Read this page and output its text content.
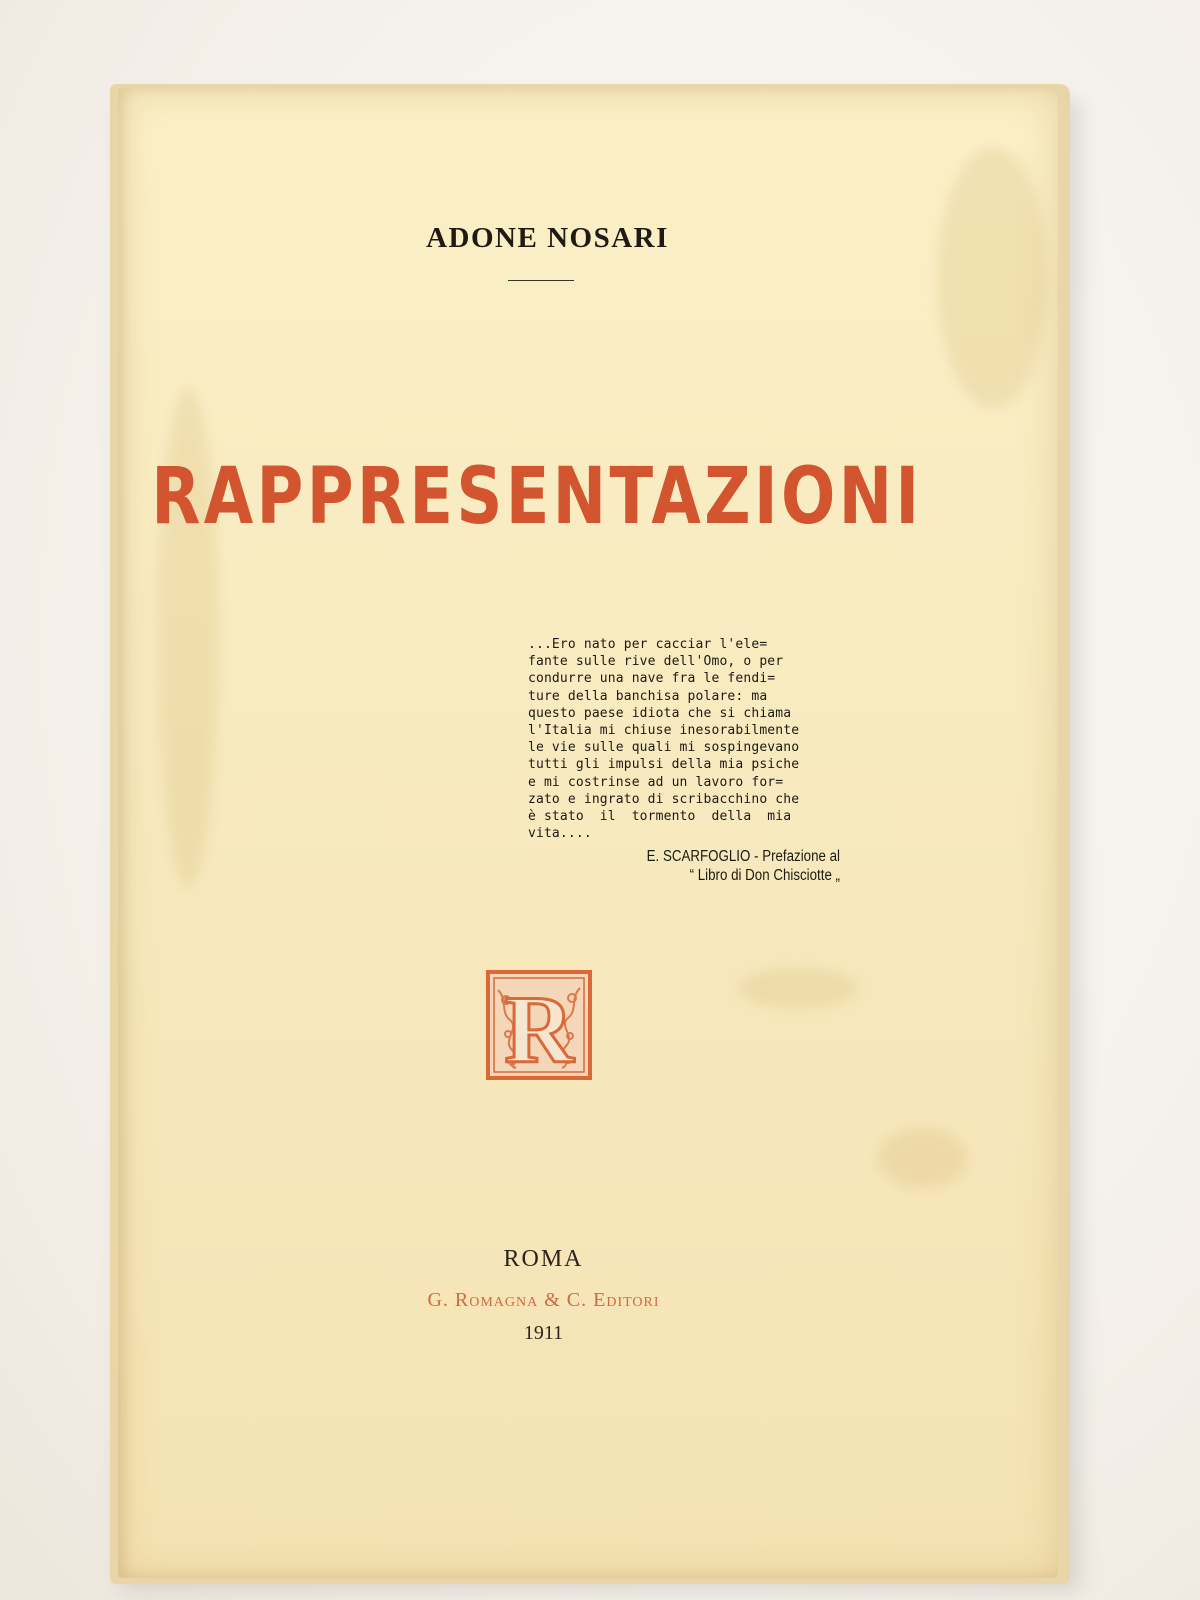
ADONE NOSARI
RAPPRESENTAZIONI
...Ero nato per cacciar l'ele=
fante sulle rive dell'Omo, o per
condurre una nave fra le fendi=
ture della banchisa polare: ma
questo paese idiota che si chiama
l'Italia mi chiuse inesorabilmente
le vie sulle quali mi sospingevano
tutti gli impulsi della mia psiche
e mi costrinse ad un lavoro for=
zato e ingrato di scribacchino che
è stato  il  tormento  della  mia
vita....
E. SCARFOGLIO - Prefazione al
“ Libro di Don Chisciotte „
R
ROMA
G. Romagna & C. Editori
1911
